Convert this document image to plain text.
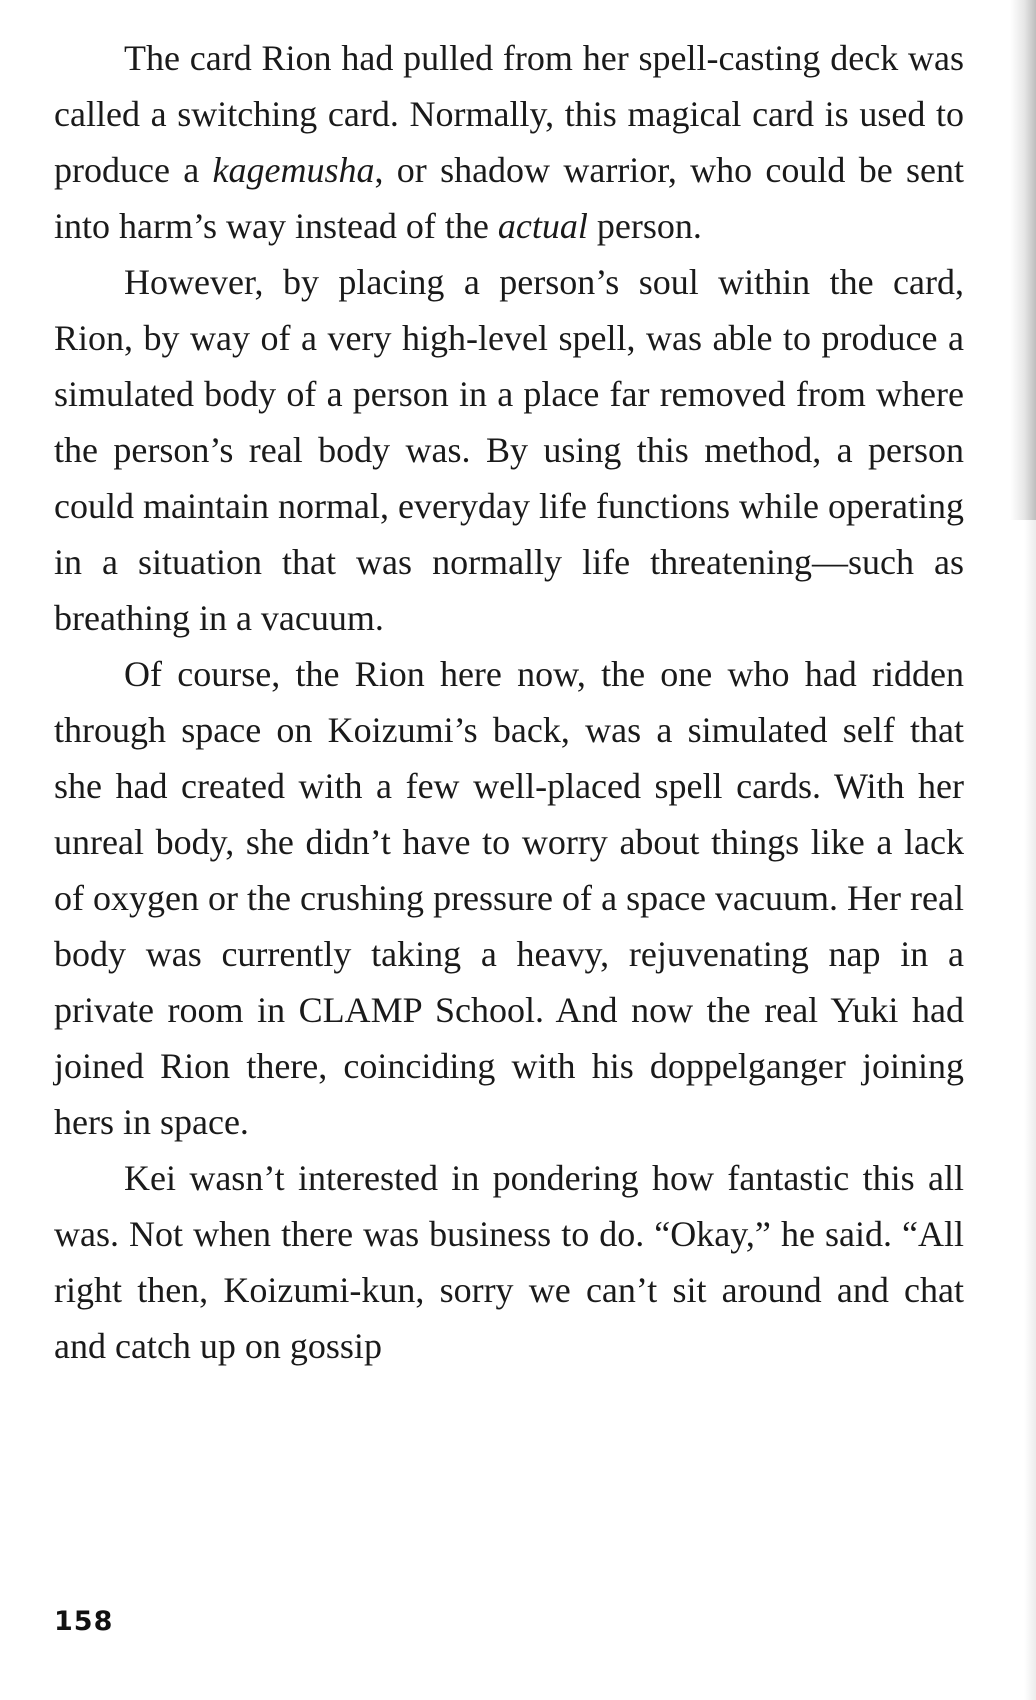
The card Rion had pulled from her spell-casting deck was called a switching card. Normally, this magical card is used to produce a kagemusha, or shadow warrior, who could be sent into harm’s way instead of the actual person.

However, by placing a person’s soul within the card, Rion, by way of a very high-level spell, was able to produce a simulated body of a person in a place far removed from where the person’s real body was. By using this method, a person could maintain normal, everyday life functions while operating in a situation that was normally life threatening—such as breathing in a vacuum.

Of course, the Rion here now, the one who had ridden through space on Koizumi’s back, was a simulated self that she had created with a few well-placed spell cards. With her unreal body, she didn’t have to worry about things like a lack of oxygen or the crushing pressure of a space vacuum. Her real body was currently taking a heavy, rejuvenating nap in a private room in CLAMP School. And now the real Yuki had joined Rion there, coinciding with his doppelganger joining hers in space.

Kei wasn’t interested in pondering how fantastic this all was. Not when there was business to do. “Okay,” he said. “All right then, Koizumi-kun, sorry we can’t sit around and chat and catch up on gossip

158
